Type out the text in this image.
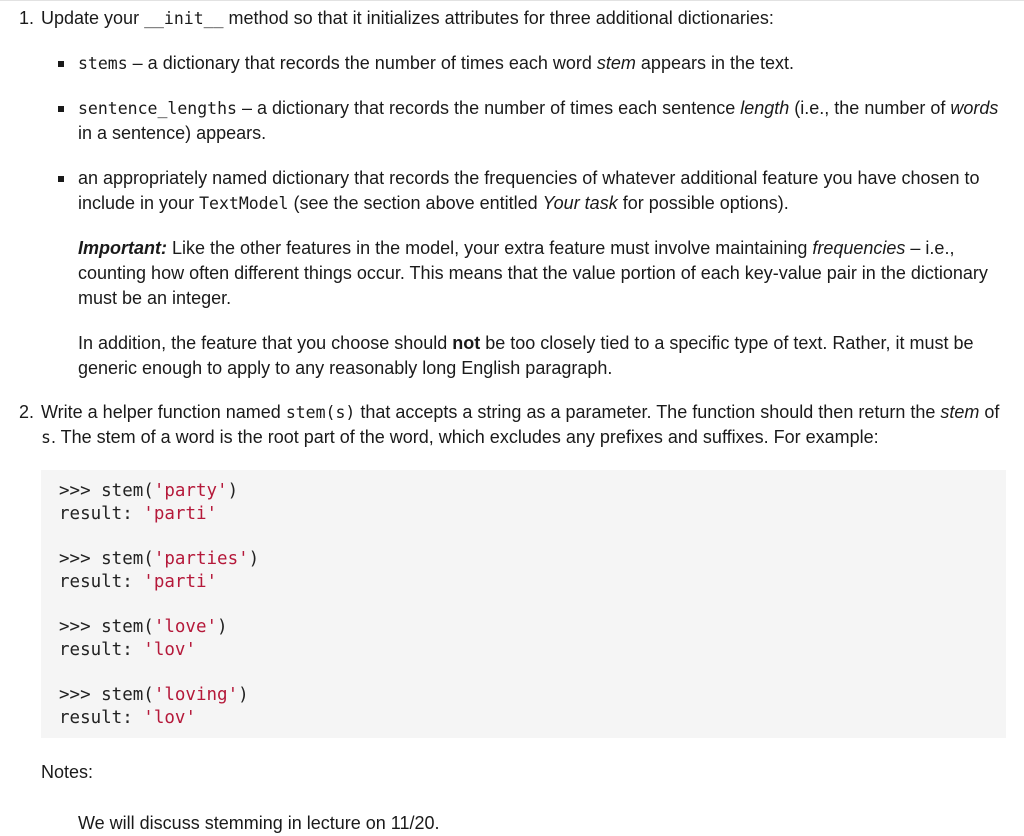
1. Update your __init__ method so that it initializes attributes for three additional dictionaries:

stems – a dictionary that records the number of times each word stem appears in the text.
sentence_lengths – a dictionary that records the number of times each sentence length (i.e., the number of words in a sentence) appears.
an appropriately named dictionary that records the frequencies of whatever additional feature you have chosen to include in your TextModel (see the section above entitled Your task for possible options).

Important: Like the other features in the model, your extra feature must involve maintaining frequencies – i.e., counting how often different things occur. This means that the value portion of each key-value pair in the dictionary must be an integer.

In addition, the feature that you choose should not be too closely tied to a specific type of text. Rather, it must be generic enough to apply to any reasonably long English paragraph.

2. Write a helper function named stem(s) that accepts a string as a parameter. The function should then return the stem of s. The stem of a word is the root part of the word, which excludes any prefixes and suffixes. For example:

>>> stem('party')
result: 'parti'

>>> stem('parties')
result: 'parti'

>>> stem('love')
result: 'lov'

>>> stem('loving')
result: 'lov'

Notes:

We will discuss stemming in lecture on 11/20.
